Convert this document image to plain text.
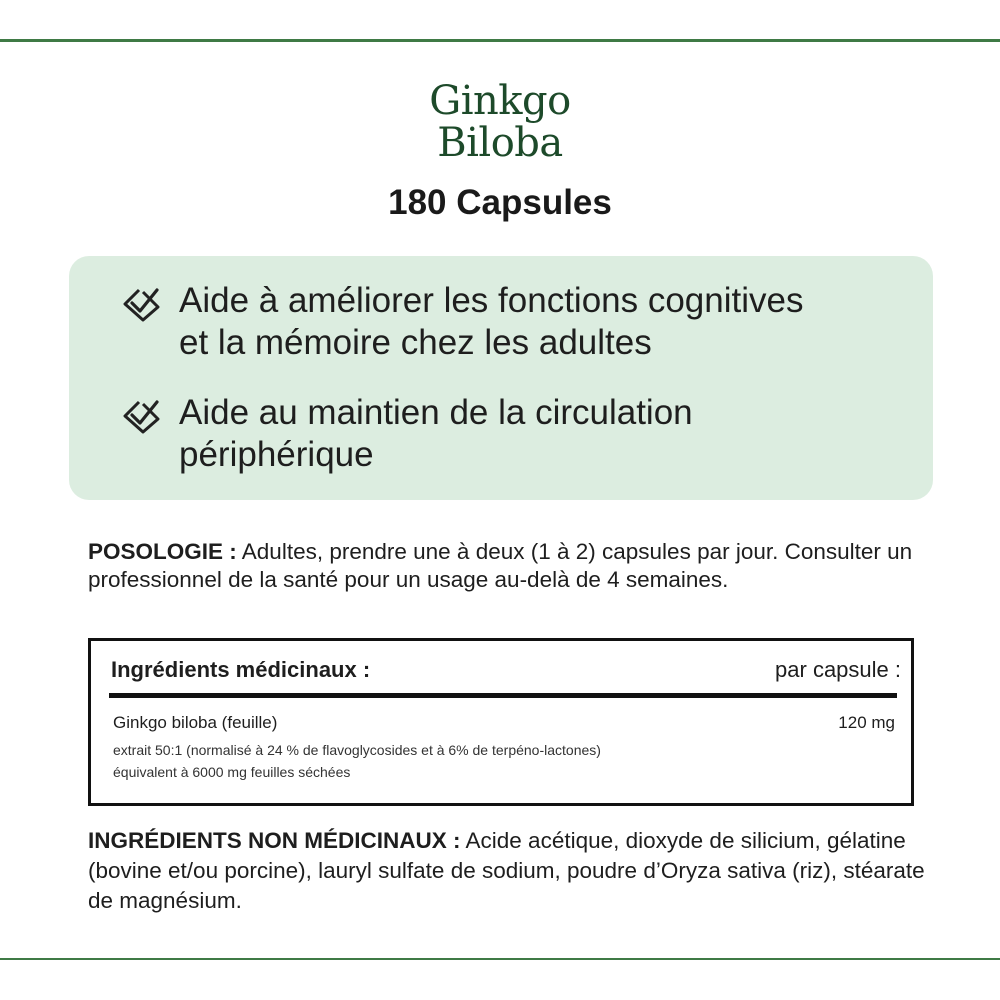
Ginkgo
Biloba
180 Capsules
Aide à améliorer les fonctions cognitives
et la mémoire chez les adultes
Aide au maintien de la circulation
périphérique
POSOLOGIE : Adultes, prendre une à deux (1 à 2) capsules par jour. Consulter un professionnel de la santé pour un usage au-delà de 4 semaines.
Ingrédients médicinaux :	par capsule :
Ginkgo biloba (feuille)	120 mg
extrait 50:1 (normalisé à 24 % de flavoglycosides et à 6% de terpéno-lactones)
équivalent à 6000 mg feuilles séchées
INGRÉDIENTS NON MÉDICINAUX : Acide acétique, dioxyde de silicium, gélatine (bovine et/ou porcine), lauryl sulfate de sodium, poudre d’Oryza sativa (riz), stéarate de magnésium.
